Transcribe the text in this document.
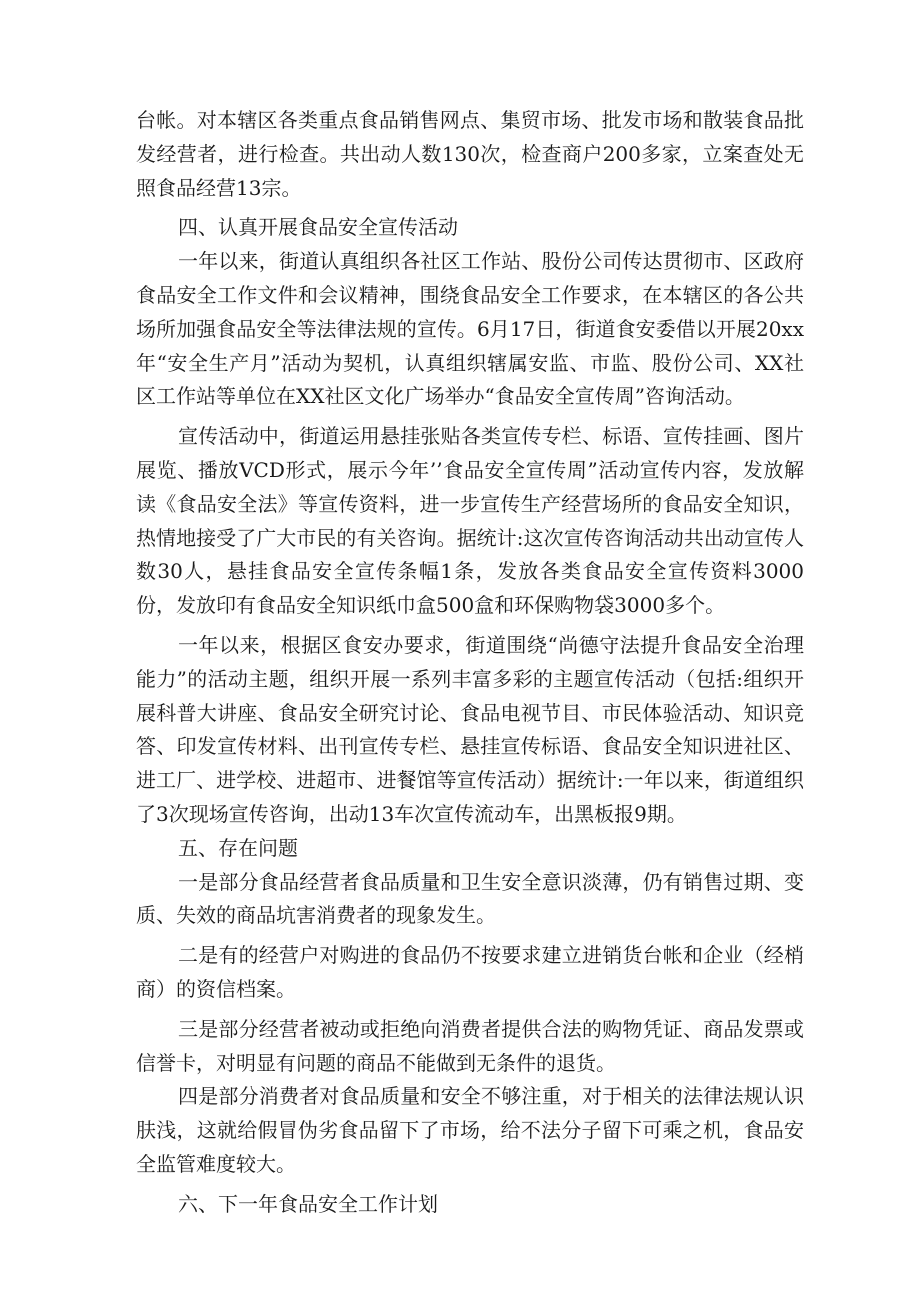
台帐。对本辖区各类重点食品销售网点、集贸市场、批发市场和散装食品批发经营者，进行检查。共出动人数130次，检查商户200多家，立案查处无照食品经营13宗。

四、认真开展食品安全宣传活动

一年以来，街道认真组织各社区工作站、股份公司传达贯彻市、区政府食品安全工作文件和会议精神，围绕食品安全工作要求，在本辖区的各公共场所加强食品安全等法律法规的宣传。6月17日，街道食安委借以开展20xx年“安全生产月”活动为契机，认真组织辖属安监、市监、股份公司、XX社区工作站等单位在XX社区文化广场举办“食品安全宣传周”咨询活动。

宣传活动中，街道运用悬挂张贴各类宣传专栏、标语、宣传挂画、图片展览、播放VCD形式，展示今年’’食品安全宣传周”活动宣传内容，发放解读《食品安全法》等宣传资料，进一步宣传生产经营场所的食品安全知识，热情地接受了广大市民的有关咨询。据统计:这次宣传咨询活动共出动宣传人数30人，悬挂食品安全宣传条幅1条，发放各类食品安全宣传资料3000份，发放印有食品安全知识纸巾盒500盒和环保购物袋3000多个。

一年以来，根据区食安办要求，街道围绕“尚德守法提升食品安全治理能力”的活动主题，组织开展一系列丰富多彩的主题宣传活动（包括:组织开展科普大讲座、食品安全研究讨论、食品电视节目、市民体验活动、知识竞答、印发宣传材料、出刊宣传专栏、悬挂宣传标语、食品安全知识进社区、进工厂、进学校、进超市、进餐馆等宣传活动）据统计:一年以来，街道组织了3次现场宣传咨询，出动13车次宣传流动车，出黑板报9期。

五、存在问题

一是部分食品经营者食品质量和卫生安全意识淡薄，仍有销售过期、变质、失效的商品坑害消费者的现象发生。

二是有的经营户对购进的食品仍不按要求建立进销货台帐和企业（经梢商）的资信档案。

三是部分经营者被动或拒绝向消费者提供合法的购物凭证、商品发票或信誉卡，对明显有问题的商品不能做到无条件的退货。

四是部分消费者对食品质量和安全不够注重，对于相关的法律法规认识肤浅，这就给假冒伪劣食品留下了市场，给不法分子留下可乘之机，食品安全监管难度较大。

六、下一年食品安全工作计划
